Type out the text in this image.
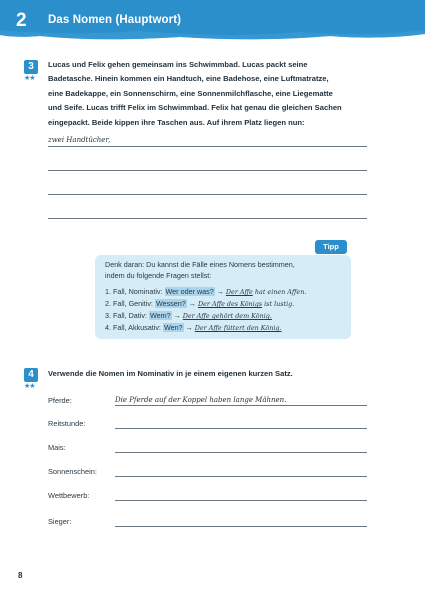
2 Das Nomen (Hauptwort)
3
★★
Lucas und Felix gehen gemeinsam ins Schwimmbad. Lucas packt seine
Badetasche. Hinein kommen ein Handtuch, eine Badehose, eine Luftmatratze,
eine Badekappe, ein Sonnenschirm, eine Sonnenmilchflasche, eine Liegematte
und Seife. Lucas trifft Felix im Schwimmbad. Felix hat genau die gleichen Sachen
eingepackt. Beide kippen ihre Taschen aus. Auf ihrem Platz liegen nun:
zwei Handtücher,
Tipp
Denk daran: Du kannst die Fälle eines Nomens bestimmen,
indem du folgende Fragen stellst:
1. Fall, Nominativ: Wer oder was? → Der Affe hat einen Affen.
2. Fall, Genitiv: Wessen? → Der Affe des Königs ist lustig.
3. Fall, Dativ: Wem? → Der Affe gehört dem König.
4. Fall, Akkusativ: Wen? → Der Affe füttert den König.
4
★★
Verwende die Nomen im Nominativ in je einem eigenen kurzen Satz.
Pferde:	Die Pferde auf der Koppel haben lange Mähnen.
Reitstunde:
Mais:
Sonnenschein:
Wettbewerb:
Sieger:
8
